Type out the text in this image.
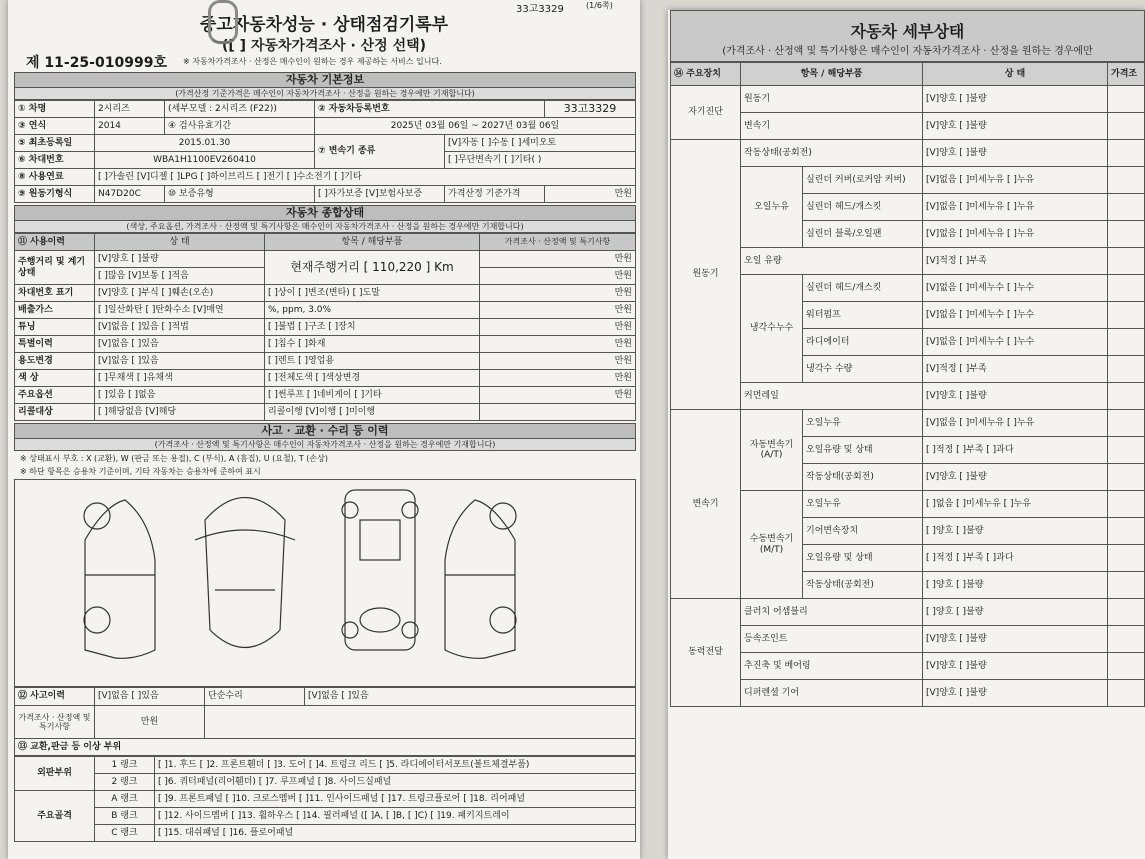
33고3329	(1/6쪽)
중고자동차성능 · 상태점검기록부
([ ] 자동차가격조사 · 산정 선택)
제 11-25-010999호 ※ 자동차가격조사 · 산정은 매수인이 원하는 경우 제공하는 서비스 입니다.
자동차 기본정보
(가격산정 기준가격은 매수인이 자동차가격조사 · 산정을 원하는 경우에만 기재합니다)
① 차명	2시리즈	(세부모델 : 2시리즈 (F22))	② 자동차등록번호		33고3329
③ 연식	2014	④ 검사유효기간	2025년 03월 06일 ~ 2027년 03월 06일		
⑤ 최초등록일	2015.01.30		⑦ 변속기 종류	[V]자동 [ ]수동 [ ]세미오토	
⑥ 차대번호	WBA1H1100EV260410			[ ]무단변속기 [ ]기타( )	
⑧ 사용연료	[ ]가솔린 [V]디젤 [ ]LPG [ ]하이브리드 [ ]전기 [ ]수소전기 [ ]기타				
⑨ 원동기형식	N47D20C	⑩ 보증유형	[ ]자가보증 [V]보험사보증	가격산정 기준가격	만원
자동차 종합상태
(색상, 주요옵션, 가격조사 · 산정액 및 특기사항은 매수인이 자동차가격조사 · 산정을 원하는 경우에만 기재합니다)
⑪ 사용이력	상 태	항목 / 해당부품	가격조사 · 산정액 및 특기사항
주행거리 및 계기상태	[V]양호 [ ]불량	현재주행거리 [ 110,220 ] Km	만원
	[ ]많음 [V]보통 [ ]적음		만원
차대번호 표기	[V]양호 [ ]부식 [ ]훼손(오손)	[ ]상이 [ ]변조(변타) [ ]도말	만원
배출가스	[ ]일산화탄 [ ]탄화수소 [V]매연	%, ppm, 3.0%	만원
튜닝	[V]없음 [ ]있음 [ ]적법	[ ]불법 [ ]구조 [ ]장치	만원
특별이력	[V]없음 [ ]있음	[ ]침수 [ ]화재	만원
용도변경	[V]없음 [ ]있음	[ ]렌트 [ ]영업용	만원
색 상	[ ]무채색 [ ]유채색	[ ]전체도색 [ ]색상변경	만원
주요옵션	[ ]있음 [ ]없음	[ ]썬루프 [ ]네비게이 [ ]기타	만원
리콜대상	[ ]해당없음 [V]해당	리콜이행 [V]이행 [ ]미이행	
사고 · 교환 · 수리 등 이력
(가격조사 · 산정액 및 특기사항은 매수인이 자동차가격조사 · 산정을 원하는 경우에만 기재합니다)
※ 상태표시 부호 : X (교환), W (판금 또는 용접), C (부식), A (흠집), U (요철), T (손상)
※ 하단 항목은 승용차 기준이며, 기타 자동차는 승용차에 준하여 표시
⑫ 사고이력	[V]없음 [ ]있음	단순수리	[V]없음 [ ]있음
가격조사 · 산정액 및 특기사항	만원		
⑬ 교환,판금 등 이상 부위			
외판부위	1 랭크	[ ]1. 후드 [ ]2. 프론트휀더 [ ]3. 도어 [ ]4. 트렁크 리드 [ ]5. 라디에이터서포트(볼트체결부품)
	2 랭크	[ ]6. 쿼터패널(리어휀더) [ ]7. 루프패널 [ ]8. 사이드실패널
주요골격	A 랭크	[ ]9. 프론트패널 [ ]10. 크로스멤버 [ ]11. 인사이드패널 [ ]17. 트렁크플로어 [ ]18. 리어패널
	B 랭크	[ ]12. 사이드멤버 [ ]13. 휠하우스 [ ]14. 필러패널 ([ ]A, [ ]B, [ ]C) [ ]19. 패키지트레이
	C 랭크	[ ]15. 대쉬패널 [ ]16. 플로어패널
자동차 세부상태
(가격조사 · 산정액 및 특기사항은 매수인이 자동차가격조사 · 산정을 원하는 경우에만
⑭ 주요장치	항목 / 해당부품		상 태	가격조
자기진단	원동기		[V]양호 [ ]불량	
	변속기		[V]양호 [ ]불량	
원동기	작동상태(공회전)		[V]양호 [ ]불량	
	오일누유	실린더 커버(로커암 커버)	[V]없음 [ ]미세누유 [ ]누유	
		실린더 헤드/개스킷	[V]없음 [ ]미세누유 [ ]누유	
		실린더 블록/오일팬	[V]없음 [ ]미세누유 [ ]누유	
	오일 유량		[V]적정 [ ]부족	
	냉각수누수	실린더 헤드/개스킷	[V]없음 [ ]미세누수 [ ]누수	
		워터펌프	[V]없음 [ ]미세누수 [ ]누수	
		라디에이터	[V]없음 [ ]미세누수 [ ]누수	
		냉각수 수량	[V]적정 [ ]부족	
	커먼레일		[V]양호 [ ]불량	
변속기	자동변속기 (A/T)	오일누유	[V]없음 [ ]미세누유 [ ]누유	
		오일유량 및 상태	[ ]적정 [ ]부족 [ ]과다	
		작동상태(공회전)	[V]양호 [ ]불량	
	수동변속기 (M/T)	오일누유	[ ]없음 [ ]미세누유 [ ]누유	
		기어변속장치	[ ]양호 [ ]불량	
		오일유량 및 상태	[ ]적정 [ ]부족 [ ]과다	
		작동상태(공회전)	[ ]양호 [ ]불량	
동력전달	클러치 어셈블리		[ ]양호 [ ]불량	
	등속조인트		[V]양호 [ ]불량	
	추진축 및 베어링		[V]양호 [ ]불량	
	디퍼렌셜 기어		[V]양호 [ ]불량	
